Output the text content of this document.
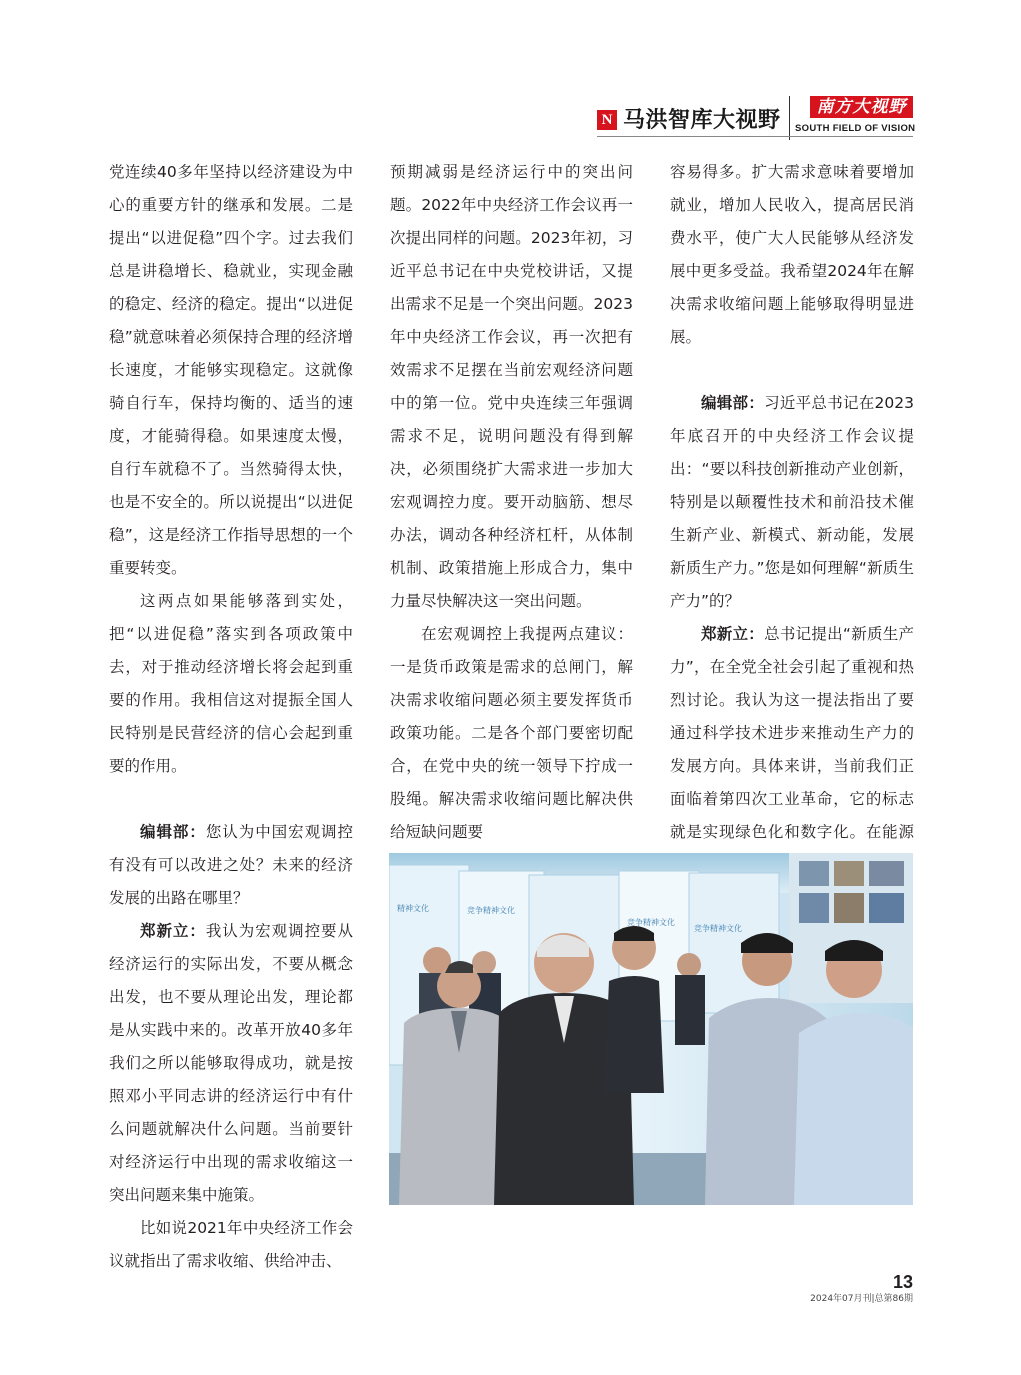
N 马洪智库大视野	南方大视野
SOUTH FIELD OF VISION

党连续40多年坚持以经济建设为中心的重要方针的继承和发展。二是提出“以进促稳”四个字。过去我们总是讲稳增长、稳就业，实现金融的稳定、经济的稳定。提出“以进促稳”就意味着必须保持合理的经济增长速度，才能够实现稳定。这就像骑自行车，保持均衡的、适当的速度，才能骑得稳。如果速度太慢，自行车就稳不了。当然骑得太快，也是不安全的。所以说提出“以进促稳”，这是经济工作指导思想的一个重要转变。

这两点如果能够落到实处，把“以进促稳”落实到各项政策中去，对于推动经济增长将会起到重要的作用。我相信这对提振全国人民特别是民营经济的信心会起到重要的作用。

编辑部：您认为中国宏观调控有没有可以改进之处？未来的经济发展的出路在哪里？

郑新立：我认为宏观调控要从经济运行的实际出发，不要从概念出发，也不要从理论出发，理论都是从实践中来的。改革开放40多年我们之所以能够取得成功，就是按照邓小平同志讲的经济运行中有什么问题就解决什么问题。当前要针对经济运行中出现的需求收缩这一突出问题来集中施策。

比如说2021年中央经济工作会议就指出了需求收缩、供给冲击、

预期减弱是经济运行中的突出问题。2022年中央经济工作会议再一次提出同样的问题。2023年初，习近平总书记在中央党校讲话，又提出需求不足是一个突出问题。2023年中央经济工作会议，再一次把有效需求不足摆在当前宏观经济问题中的第一位。党中央连续三年强调需求不足，说明问题没有得到解决，必须围绕扩大需求进一步加大宏观调控力度。要开动脑筋、想尽办法，调动各种经济杠杆，从体制机制、政策措施上形成合力，集中力量尽快解决这一突出问题。

在宏观调控上我提两点建议：一是货币政策是需求的总闸门，解决需求收缩问题必须主要发挥货币政策功能。二是各个部门要密切配合，在党中央的统一领导下拧成一股绳。解决需求收缩问题比解决供给短缺问题要

容易得多。扩大需求意味着要增加就业，增加人民收入，提高居民消费水平，使广大人民能够从经济发展中更多受益。我希望2024年在解决需求收缩问题上能够取得明显进展。

编辑部：习近平总书记在2023年底召开的中央经济工作会议提出：“要以科技创新推动产业创新，特别是以颠覆性技术和前沿技术催生新产业、新模式、新动能，发展新质生产力。”您是如何理解“新质生产力”的？

郑新立：总书记提出“新质生产力”，在全党全社会引起了重视和热烈讨论。我认为这一提法指出了要通过科学技术进步来推动生产力的发展方向。具体来讲，当前我们正面临着第四次工业革命，它的标志就是实现绿色化和数字化。在能源

精神文化	竞争精神文化
竞争精神文化
竞争精神文化
13
2024年07月刊|总第86期
